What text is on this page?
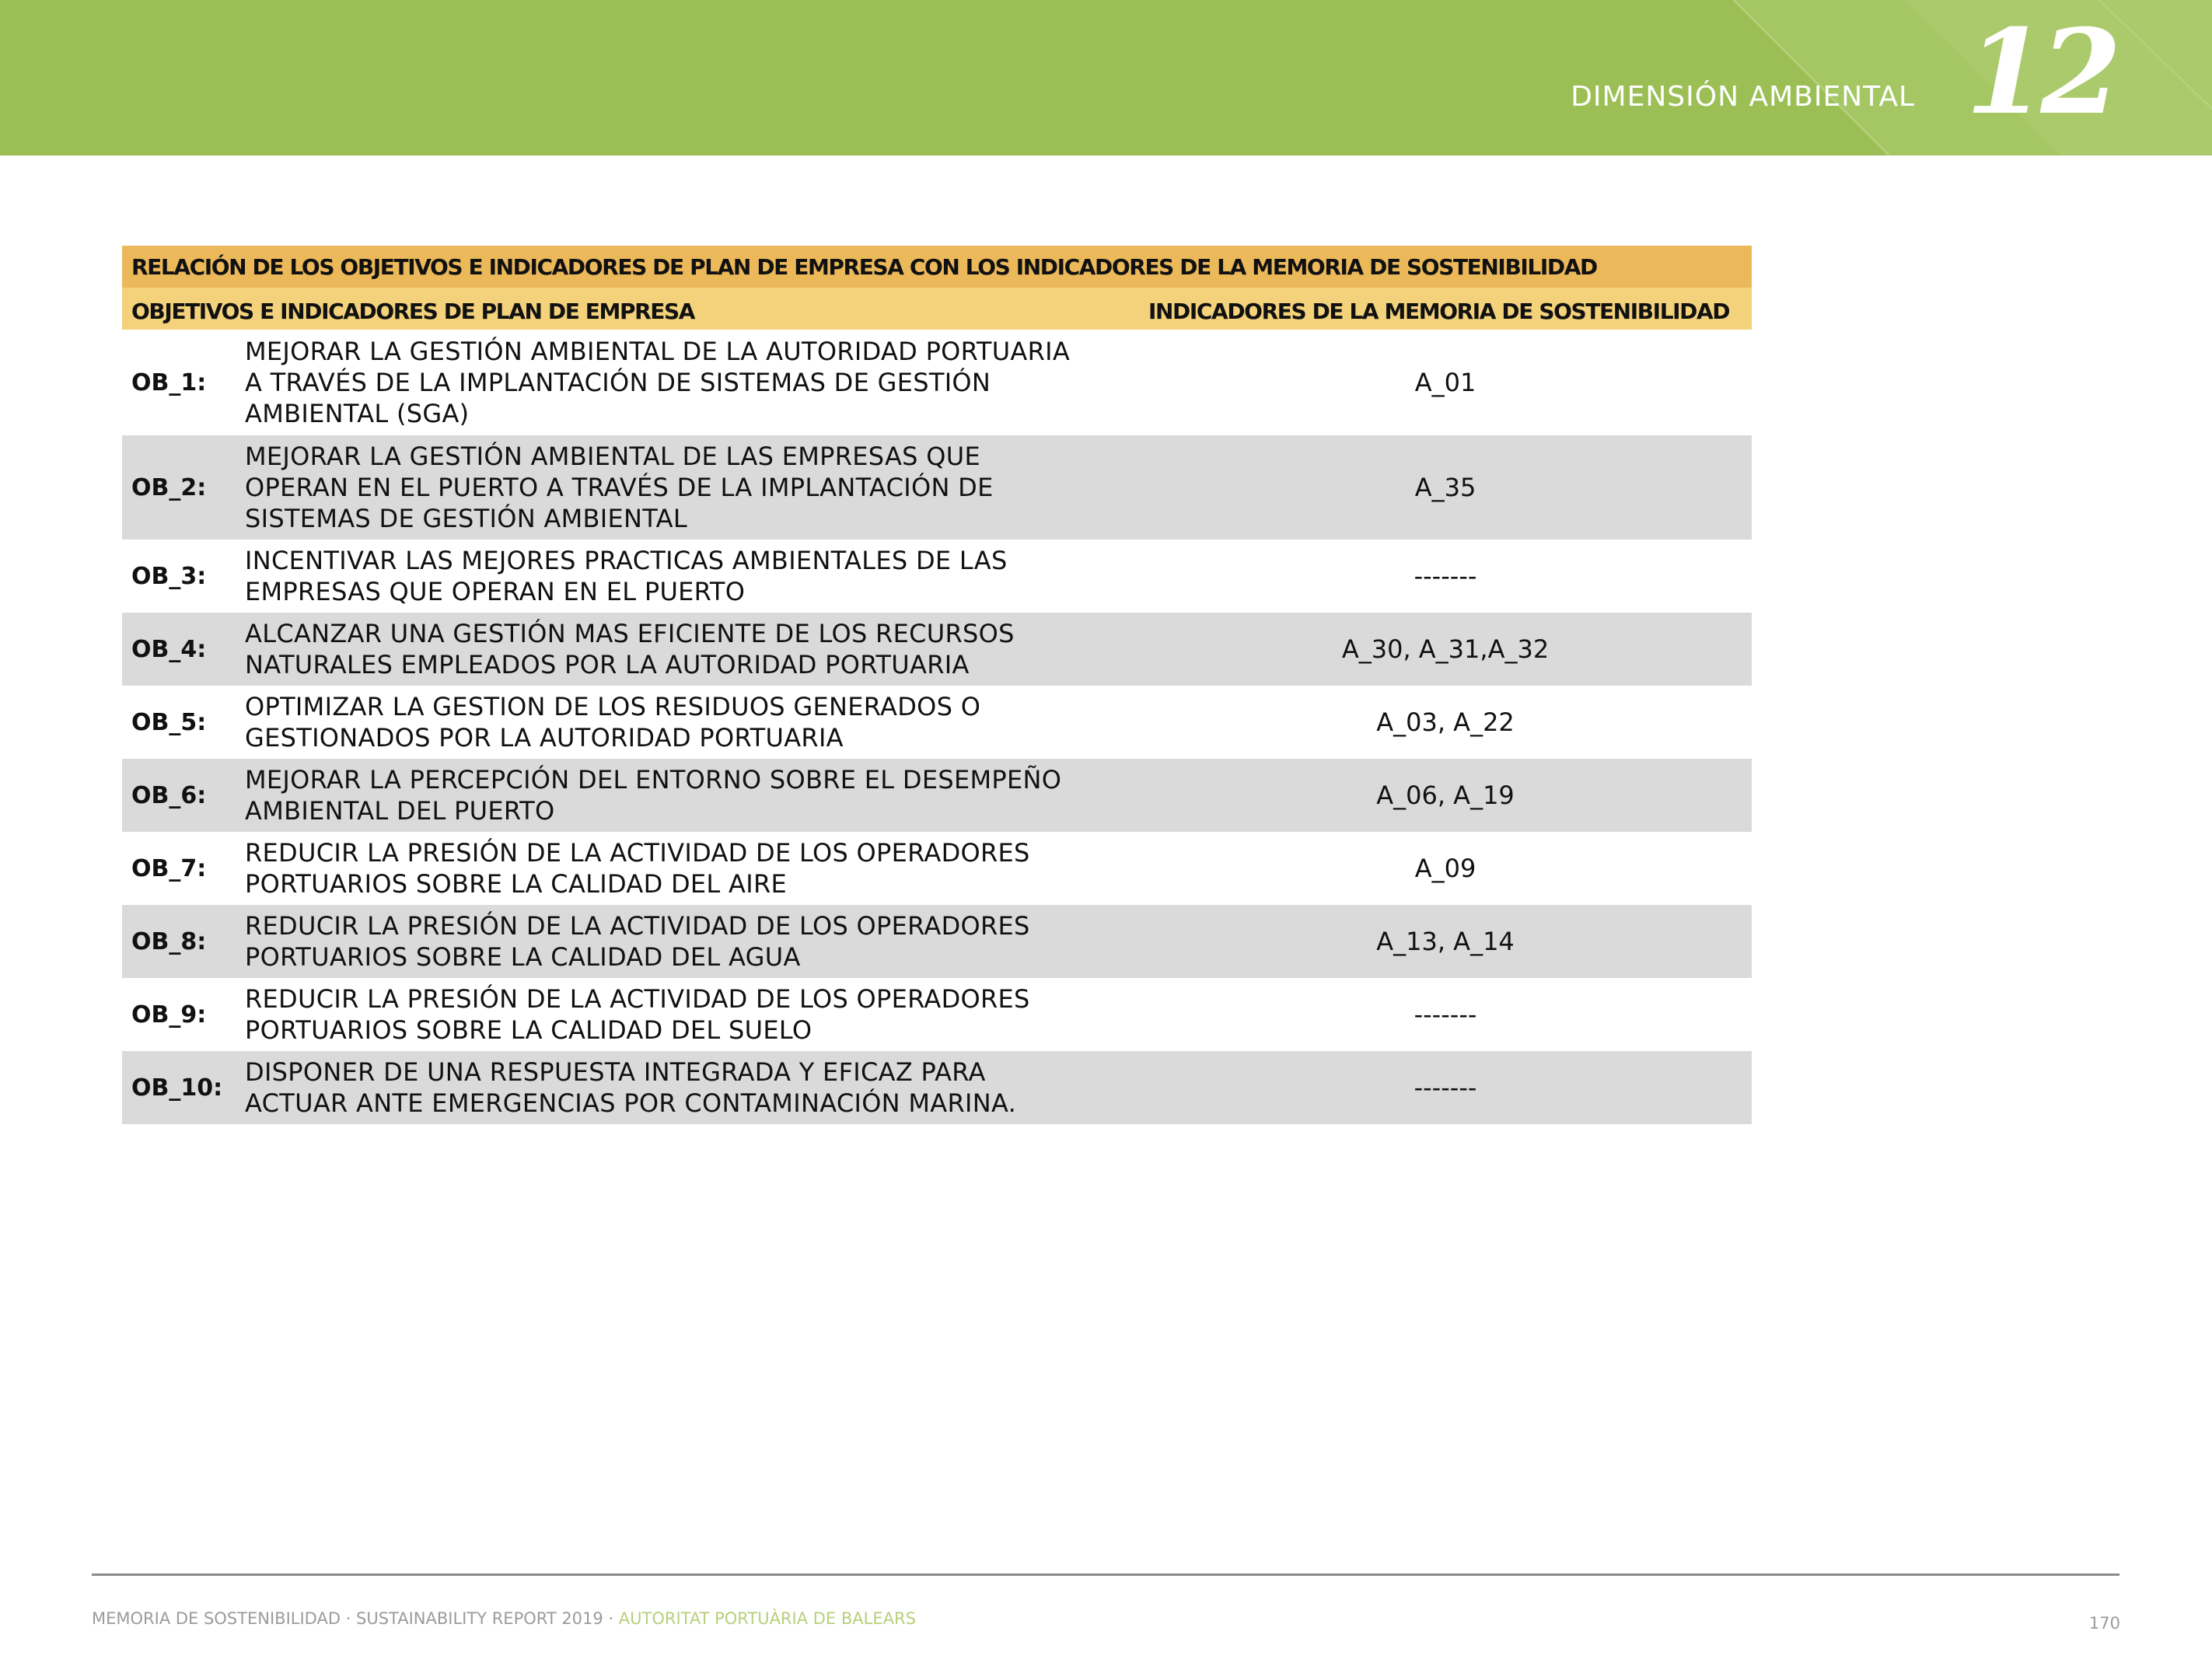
DIMENSIÓN AMBIENTAL 12
RELACIÓN DE LOS OBJETIVOS E INDICADORES DE PLAN DE EMPRESA CON LOS INDICADORES DE LA MEMORIA DE SOSTENIBILIDAD
OBJETIVOS E INDICADORES DE PLAN DE EMPRESA	INDICADORES DE LA MEMORIA DE SOSTENIBILIDAD
OB_1:
MEJORAR LA GESTIÓN AMBIENTAL DE LA AUTORIDAD PORTUARIA
A TRAVÉS DE LA IMPLANTACIÓN DE SISTEMAS DE GESTIÓN
AMBIENTAL (SGA)
A_01
OB_2:
MEJORAR LA GESTIÓN AMBIENTAL DE LAS EMPRESAS QUE
OPERAN EN EL PUERTO A TRAVÉS DE LA IMPLANTACIÓN DE
SISTEMAS DE GESTIÓN AMBIENTAL
A_35
OB_3:
INCENTIVAR LAS MEJORES PRACTICAS AMBIENTALES DE LAS
EMPRESAS QUE OPERAN EN EL PUERTO
-------
OB_4:
ALCANZAR UNA GESTIÓN MAS EFICIENTE DE LOS RECURSOS
NATURALES EMPLEADOS POR LA AUTORIDAD PORTUARIA
A_30, A_31,A_32
OB_5:
OPTIMIZAR LA GESTION DE LOS RESIDUOS GENERADOS O
GESTIONADOS POR LA AUTORIDAD PORTUARIA
A_03, A_22
OB_6:
MEJORAR LA PERCEPCIÓN DEL ENTORNO SOBRE EL DESEMPEÑO
AMBIENTAL DEL PUERTO
A_06, A_19
OB_7:
REDUCIR LA PRESIÓN DE LA ACTIVIDAD DE LOS OPERADORES
PORTUARIOS SOBRE LA CALIDAD DEL AIRE
A_09
OB_8:
REDUCIR LA PRESIÓN DE LA ACTIVIDAD DE LOS OPERADORES
PORTUARIOS SOBRE LA CALIDAD DEL AGUA
A_13, A_14
OB_9:
REDUCIR LA PRESIÓN DE LA ACTIVIDAD DE LOS OPERADORES
PORTUARIOS SOBRE LA CALIDAD DEL SUELO
-------
OB_10:
DISPONER DE UNA RESPUESTA INTEGRADA Y EFICAZ PARA
ACTUAR ANTE EMERGENCIAS POR CONTAMINACIÓN MARINA.
-------
MEMORIA DE SOSTENIBILIDAD · SUSTAINABILITY REPORT 2019 · AUTORITAT PORTUÀRIA DE BALEARS	170
